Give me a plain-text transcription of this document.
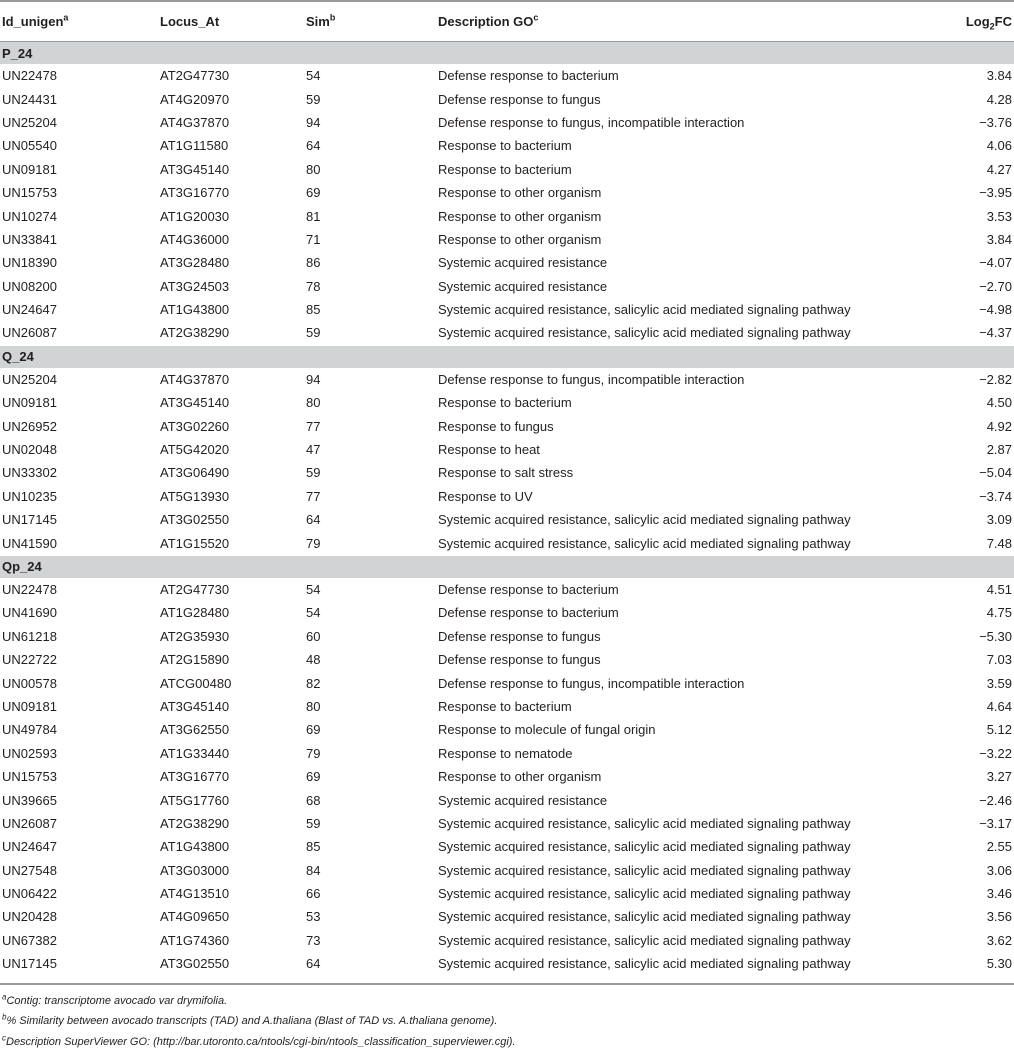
Id_unigen$^a$	Locus_At	Sim$^b$	Description $GO^c$	Log$_2$FC
P_24				
UN22478	AT2G47730	54	Defense response to bacterium	3.84
UN24431	AT4G20970	59	Defense response to fungus	4.28
UN25204	AT4G37870	94	Defense response to fungus, incompatible interaction	−3.76
UN05540	AT1G11580	64	Response to bacterium	4.06
UN09181	AT3G45140	80	Response to bacterium	4.27
UN15753	AT3G16770	69	Response to other organism	−3.95
UN10274	AT1G20030	81	Response to other organism	3.53
UN33841	AT4G36000	71	Response to other organism	3.84
UN18390	AT3G28480	86	Systemic acquired resistance	−4.07
UN08200	AT3G24503	78	Systemic acquired resistance	−2.70
UN24647	AT1G43800	85	Systemic acquired resistance, salicylic acid mediated signaling pathway	−4.98
UN26087	AT2G38290	59	Systemic acquired resistance, salicylic acid mediated signaling pathway	−4.37
Q_24				
UN25204	AT4G37870	94	Defense response to fungus, incompatible interaction	−2.82
UN09181	AT3G45140	80	Response to bacterium	4.50
UN26952	AT3G02260	77	Response to fungus	4.92
UN02048	AT5G42020	47	Response to heat	2.87
UN33302	AT3G06490	59	Response to salt stress	−5.04
UN10235	AT5G13930	77	Response to UV	−3.74
UN17145	AT3G02550	64	Systemic acquired resistance, salicylic acid mediated signaling pathway	3.09
UN41590	AT1G15520	79	Systemic acquired resistance, salicylic acid mediated signaling pathway	7.48
Qp_24				
UN22478	AT2G47730	54	Defense response to bacterium	4.51
UN41690	AT1G28480	54	Defense response to bacterium	4.75
UN61218	AT2G35930	60	Defense response to fungus	−5.30
UN22722	AT2G15890	48	Defense response to fungus	7.03
UN00578	ATCG00480	82	Defense response to fungus, incompatible interaction	3.59
UN09181	AT3G45140	80	Response to bacterium	4.64
UN49784	AT3G62550	69	Response to molecule of fungal origin	5.12
UN02593	AT1G33440	79	Response to nematode	−3.22
UN15753	AT3G16770	69	Response to other organism	3.27
UN39665	AT5G17760	68	Systemic acquired resistance	−2.46
UN26087	AT2G38290	59	Systemic acquired resistance, salicylic acid mediated signaling pathway	−3.17
UN24647	AT1G43800	85	Systemic acquired resistance, salicylic acid mediated signaling pathway	2.55
UN27548	AT3G03000	84	Systemic acquired resistance, salicylic acid mediated signaling pathway	3.06
UN06422	AT4G13510	66	Systemic acquired resistance, salicylic acid mediated signaling pathway	3.46
UN20428	AT4G09650	53	Systemic acquired resistance, salicylic acid mediated signaling pathway	3.56
UN67382	AT1G74360	73	Systemic acquired resistance, salicylic acid mediated signaling pathway	3.62
UN17145	AT3G02550	64	Systemic acquired resistance, salicylic acid mediated signaling pathway	5.30
$^a$Contig: transcriptome avocado var drymifolia.
$^b$% Similarity between avocado transcripts (TAD) and A.thaliana (Blast of TAD vs. A.thaliana genome).
$^c$Description SuperViewer GO: (http://bar.utoronto.ca/ntools/cgi-bin/ntools_classification_superviewer.cgi).
